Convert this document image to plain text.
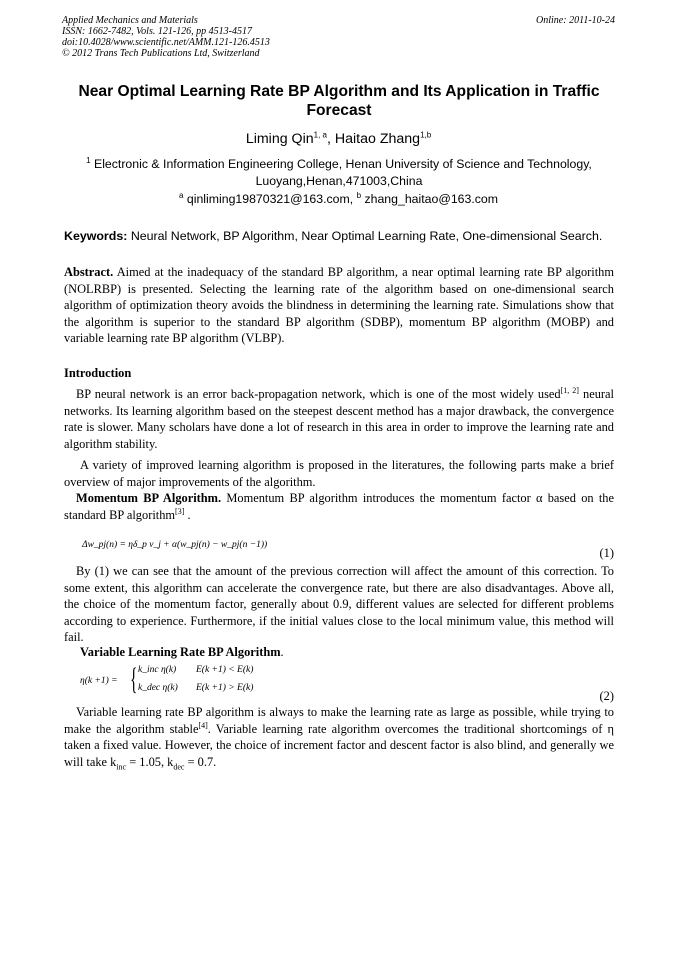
Applied Mechanics and Materials	Online: 2011-10-24
ISSN: 1662-7482, Vols. 121-126, pp 4513-4517
doi:10.4028/www.scientific.net/AMM.121-126.4513
© 2012 Trans Tech Publications Ltd, Switzerland
Near Optimal Learning Rate BP Algorithm and Its Application in Traffic Forecast
Liming Qin$^{1, a}$, Haitao Zhang$^{1,b}$
$^1$ Electronic & Information Engineering College, Henan University of Science and Technology, Luoyang,Henan,471003,China
$^a$ qinliming19870321@163.com, $^b$ zhang_haitao@163.com
Keywords: Neural Network, BP Algorithm, Near Optimal Learning Rate, One-dimensional Search.
Abstract. Aimed at the inadequacy of the standard BP algorithm, a near optimal learning rate BP algorithm (NOLRBP) is presented. Selecting the learning rate of the algorithm based on one-dimensional search algorithm of optimization theory avoids the blindness in determining the learning rate. Simulations show that the algorithm is superior to the standard BP algorithm (SDBP), momentum BP algorithm (MOBP) and variable learning rate BP algorithm (VLBP).
Introduction
BP neural network is an error back-propagation network, which is one of the most widely used[1, 2] neural networks. Its learning algorithm based on the steepest descent method has a major drawback, the convergence rate is slower. Many scholars have done a lot of research in this area in order to improve the learning rate and algorithm stability.
A variety of improved learning algorithm is proposed in the literatures, the following parts make a brief overview of major improvements of the algorithm.
Momentum BP Algorithm. Momentum BP algorithm introduces the momentum factor α based on the standard BP algorithm[3] .
Δw_pj(n) = ηδ_p v_j + α(w_pj(n) − w_pj(n −1))
(1)
By (1) we can see that the amount of the previous correction will affect the amount of this correction. To some extent, this algorithm can accelerate the convergence rate, but there are also disadvantages. Above all, the choice of the momentum factor, generally about 0.9, different values are selected for different problems according to experience. Furthermore, if the initial values close to the local minimum value, this method will fail.
Variable Learning Rate BP Algorithm.
η(k +1) = { k_inc η(k) E(k +1) < E(k)
k_dec η(k) E(k +1) > E(k)
(2)
Variable learning rate BP algorithm is always to make the learning rate as large as possible, while trying to make the algorithm stable[4]. Variable learning rate algorithm overcomes the traditional shortcomings of η taken a fixed value. However, the choice of increment factor and descent factor is also blind, and generally we will take $k_{inc} = 1.05$, $k_{dec} = 0.7$.
